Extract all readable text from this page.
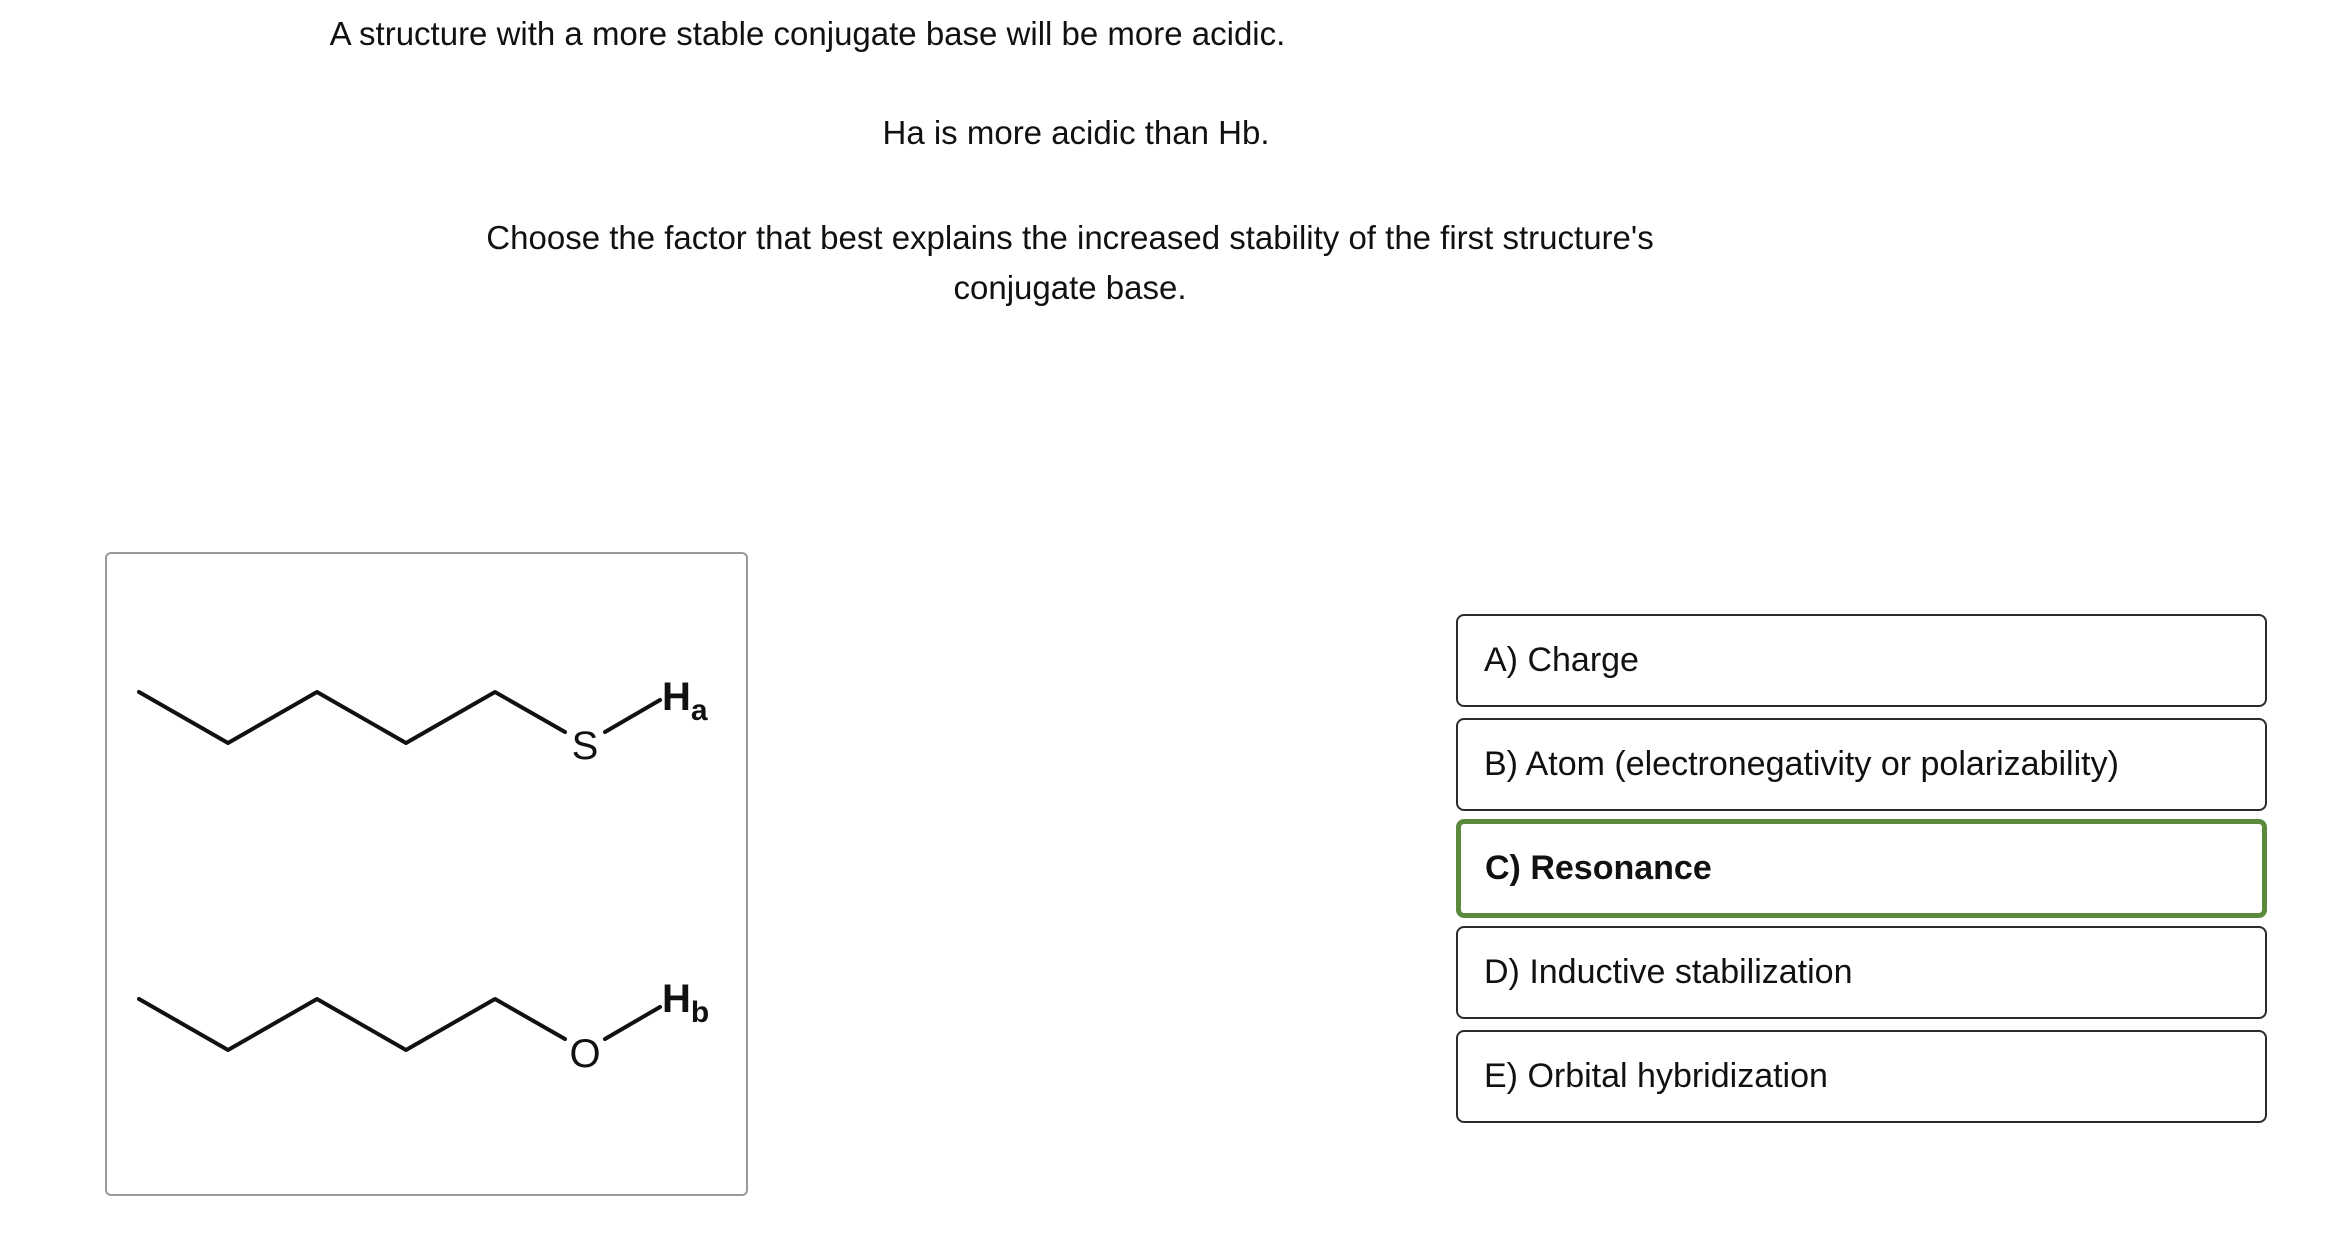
A structure with a more stable conjugate base will be more acidic.
Ha is more acidic than Hb.
Choose the factor that best explains the increased stability of the first structure's conjugate base.
S
$H_a$
O
$H_b$
A) Charge
B) Atom (electronegativity or polarizability)
C) Resonance
D) Inductive stabilization
E) Orbital hybridization
